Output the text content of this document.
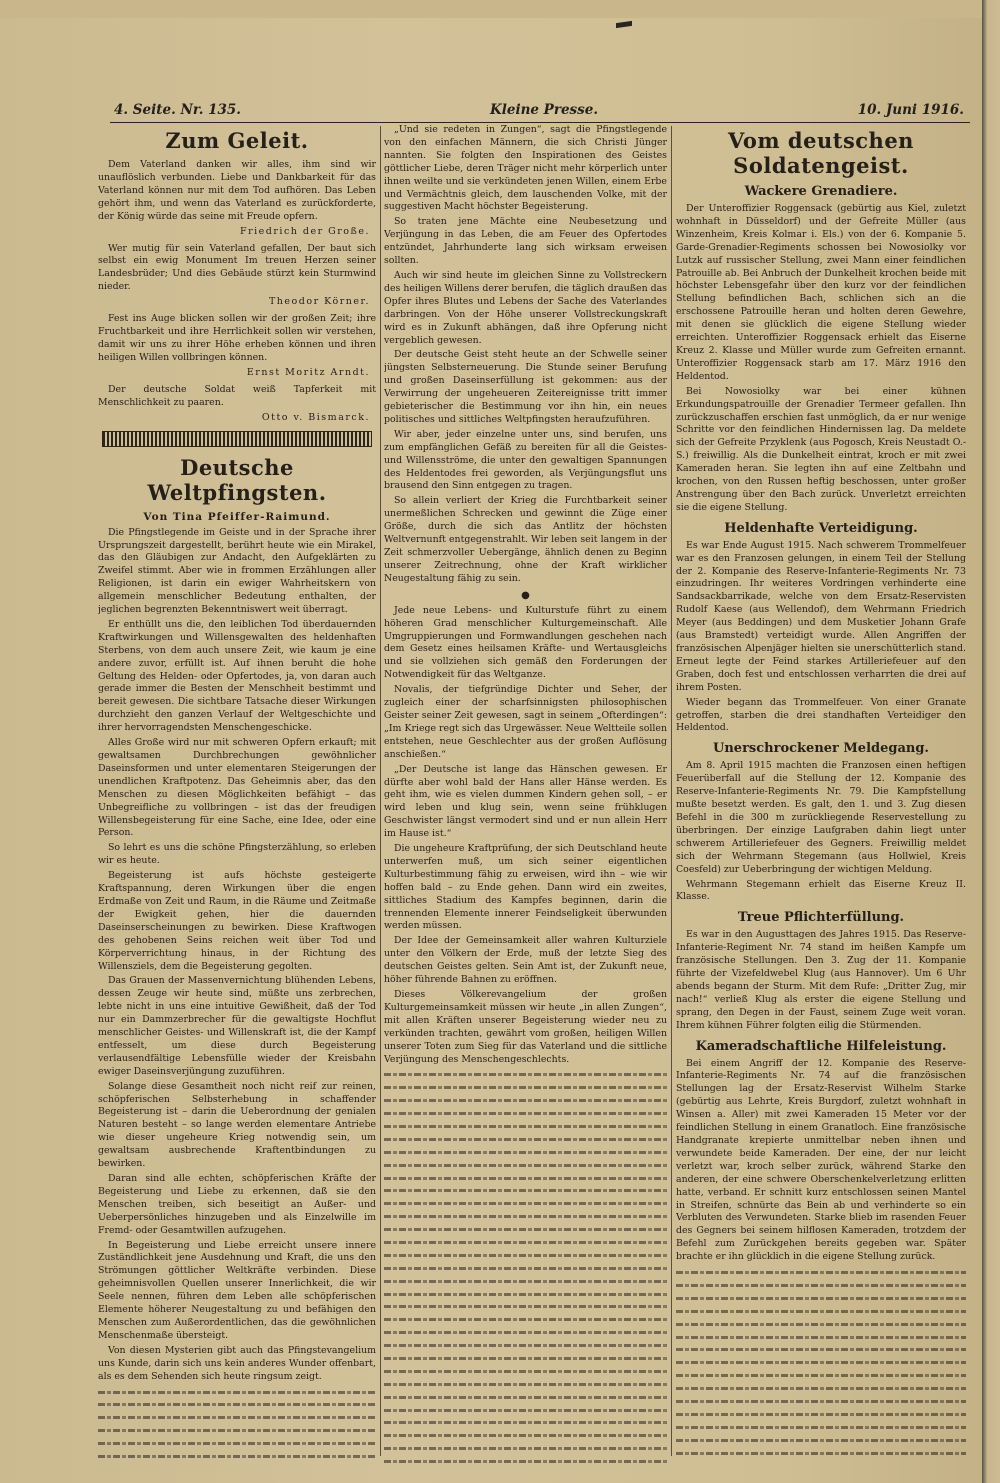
4. Seite. Nr. 135.	Kleine Presse.	10. Juni 1916.
Zum Geleit.

Dem Vaterland danken wir alles, ihm sind wir unauflöslich verbunden. Liebe und Dankbarkeit für das Vaterland können nur mit dem Tod aufhören. Das Leben gehört ihm, und wenn das Vaterland es zurückforderte, der König würde das seine mit Freude opfern.

Friedrich der Große.

Wer mutig für sein Vaterland gefallen, Der baut sich selbst ein ewig Monument Im treuen Herzen seiner Landesbrüder; Und dies Gebäude stürzt kein Sturmwind nieder.

Theodor Körner.

Fest ins Auge blicken sollen wir der großen Zeit; ihre Fruchtbarkeit und ihre Herrlichkeit sollen wir verstehen, damit wir uns zu ihrer Höhe erheben können und ihren heiligen Willen vollbringen können.

Ernst Moritz Arndt.

Der deutsche Soldat weiß Tapferkeit mit Menschlichkeit zu paaren.

Otto v. Bismarck.
Deutsche Weltpfingsten.
Von Tina Pfeiffer-Raimund.

Die Pfingstlegende im Geiste und in der Sprache ihrer Ursprungszeit dargestellt, berührt heute wie ein Mirakel, das den Gläubigen zur Andacht, den Aufgeklärten zu Zweifel stimmt. Aber wie in frommen Erzählungen aller Religionen, ist darin ein ewiger Wahrheitskern von allgemein menschlicher Bedeutung enthalten, der jeglichen begrenzten Bekenntniswert weit überragt.

Er enthüllt uns die, den leiblichen Tod überdauernden Kraftwirkungen und Willensgewalten des heldenhaften Sterbens, von dem auch unsere Zeit, wie kaum je eine andere zuvor, erfüllt ist. Auf ihnen beruht die hohe Geltung des Helden- oder Opfertodes, ja, von daran auch gerade immer die Besten der Menschheit bestimmt und bereit gewesen. Die sichtbare Tatsache dieser Wirkungen durchzieht den ganzen Verlauf der Weltgeschichte und ihrer hervorragendsten Menschengeschicke.

Alles Große wird nur mit schweren Opfern erkauft; mit gewaltsamen Durchbrechungen gewöhnlicher Daseinsformen und unter elementaren Steigerungen der unendlichen Kraftpotenz. Das Geheimnis aber, das den Menschen zu diesen Möglichkeiten befähigt – das Unbegreifliche zu vollbringen – ist das der freudigen Willensbegeisterung für eine Sache, eine Idee, oder eine Person.

So lehrt es uns die schöne Pfingsterzählung, so erleben wir es heute.

Begeisterung ist aufs höchste gesteigerte Kraftspannung, deren Wirkungen über die engen Erdmaße von Zeit und Raum, in die Räume und Zeitmaße der Ewigkeit gehen, hier die dauernden Daseinserscheinungen zu bewirken. Diese Kraftwogen des gehobenen Seins reichen weit über Tod und Körperverrichtung hinaus, in der Richtung des Willensziels, dem die Begeisterung gegolten.

Das Grauen der Massenvernichtung blühenden Lebens, dessen Zeuge wir heute sind, müßte uns zerbrechen, lebte nicht in uns eine intuitive Gewißheit, daß der Tod nur ein Dammzerbrecher für die gewaltigste Hochflut menschlicher Geistes- und Willenskraft ist, die der Kampf entfesselt, um diese durch Begeisterung verlausendfältige Lebensfülle wieder der Kreisbahn ewiger Daseinsverjüngung zuzuführen.

Solange diese Gesamtheit noch nicht reif zur reinen, schöpferischen Selbsterhebung in schaffender Begeisterung ist – darin die Ueberordnung der genialen Naturen besteht – so lange werden elementare Antriebe wie dieser ungeheure Krieg notwendig sein, um gewaltsam ausbrechende Kraftentbindungen zu bewirken.

Daran sind alle echten, schöpferischen Kräfte der Begeisterung und Liebe zu erkennen, daß sie den Menschen treiben, sich beseitigt an Außer- und Ueberpersönliches hinzugeben und als Einzelwille im Fremd- oder Gesamtwillen aufzugehen.

In Begeisterung und Liebe erreicht unsere innere Zuständlichkeit jene Ausdehnung und Kraft, die uns den Strömungen göttlicher Weltkräfte verbinden. Diese geheimnisvollen Quellen unserer Innerlichkeit, die wir Seele nennen, führen dem Leben alle schöpferischen Elemente höherer Neugestaltung zu und befähigen den Menschen zum Außerordentlichen, das die gewöhnlichen Menschenmaße übersteigt.

Von diesen Mysterien gibt auch das Pfingstevangelium uns Kunde, darin sich uns kein anderes Wunder offenbart, als es dem Sehenden sich heute ringsum zeigt.

„Und sie redeten in Zungen“, sagt die Pfingstlegende von den einfachen Männern, die sich Christi Jünger nannten. Sie folgten den Inspirationen des Geistes göttlicher Liebe, deren Träger nicht mehr körperlich unter ihnen weilte und sie verkündeten jenen Willen, einem Erbe und Vermächtnis gleich, dem lauschenden Volke, mit der suggestiven Macht höchster Begeisterung.

So traten jene Mächte eine Neubesetzung und Verjüngung in das Leben, die am Feuer des Opfertodes entzündet, Jahrhunderte lang sich wirksam erweisen sollten.

Auch wir sind heute im gleichen Sinne zu Vollstreckern des heiligen Willens derer berufen, die täglich draußen das Opfer ihres Blutes und Lebens der Sache des Vaterlandes darbringen. Von der Höhe unserer Vollstreckungskraft wird es in Zukunft abhängen, daß ihre Opferung nicht vergeblich gewesen.

Der deutsche Geist steht heute an der Schwelle seiner jüngsten Selbsterneuerung. Die Stunde seiner Berufung und großen Daseinserfüllung ist gekommen: aus der Verwirrung der ungeheueren Zeitereignisse tritt immer gebieterischer die Bestimmung vor ihn hin, ein neues politisches und sittliches Weltpfingsten heraufzuführen.

Wir aber, jeder einzelne unter uns, sind berufen, uns zum empfänglichen Gefäß zu bereiten für all die Geistes- und Willensströme, die unter den gewaltigen Spannungen des Heldentodes frei geworden, als Verjüngungsflut uns brausend den Sinn entgegen zu tragen.

So allein verliert der Krieg die Furchtbarkeit seiner unermeßlichen Schrecken und gewinnt die Züge einer Größe, durch die sich das Antlitz der höchsten Weltvernunft entgegenstrahlt. Wir leben seit langem in der Zeit schmerzvoller Uebergänge, ähnlich denen zu Beginn unserer Zeitrechnung, ohne der Kraft wirklicher Neugestaltung fähig zu sein.

●

Jede neue Lebens- und Kulturstufe führt zu einem höheren Grad menschlicher Kulturgemeinschaft. Alle Umgruppierungen und Formwandlungen geschehen nach dem Gesetz eines heilsamen Kräfte- und Wertausgleichs und sie vollziehen sich gemäß den Forderungen der Notwendigkeit für das Weltganze.

Novalis, der tiefgründige Dichter und Seher, der zugleich einer der scharfsinnigsten philosophischen Geister seiner Zeit gewesen, sagt in seinem „Ofterdingen“: „Im Kriege regt sich das Urgewässer. Neue Weltteile sollen entstehen, neue Geschlechter aus der großen Auflösung anschießen.“

„Der Deutsche ist lange das Hänschen gewesen. Er dürfte aber wohl bald der Hans aller Hänse werden. Es geht ihm, wie es vielen dummen Kindern gehen soll, – er wird leben und klug sein, wenn seine frühklugen Geschwister längst vermodert sind und er nun allein Herr im Hause ist.“

Die ungeheure Kraftprüfung, der sich Deutschland heute unterwerfen muß, um sich seiner eigentlichen Kulturbestimmung fähig zu erweisen, wird ihn – wie wir hoffen bald – zu Ende gehen. Dann wird ein zweites, sittliches Stadium des Kampfes beginnen, darin die trennenden Elemente innerer Feindseligkeit überwunden werden müssen.

Der Idee der Gemeinsamkeit aller wahren Kulturziele unter den Völkern der Erde, muß der letzte Sieg des deutschen Geistes gelten. Sein Amt ist, der Zukunft neue, höher führende Bahnen zu eröffnen.

Dieses Völkerevangelium der großen Kulturgemeinsamkeit müssen wir heute „in allen Zungen“, mit allen Kräften unserer Begeisterung wieder neu zu verkünden trachten, gewährt vom großen, heiligen Willen unserer Toten zum Sieg für das Vaterland und die sittliche Verjüngung des Menschengeschlechts.

Vom deutschen Soldatengeist.
Wackere Grenadiere.

Der Unteroffizier Roggensack (gebürtig aus Kiel, zuletzt wohnhaft in Düsseldorf) und der Gefreite Müller (aus Winzenheim, Kreis Kolmar i. Els.) von der 6. Kompanie 5. Garde-Grenadier-Regiments schossen bei Nowosiolky vor Lutzk auf russischer Stellung, zwei Mann einer feindlichen Patrouille ab. Bei Anbruch der Dunkelheit krochen beide mit höchster Lebensgefahr über den kurz vor der feindlichen Stellung befindlichen Bach, schlichen sich an die erschossene Patrouille heran und holten deren Gewehre, mit denen sie glücklich die eigene Stellung wieder erreichten. Unteroffizier Roggensack erhielt das Eiserne Kreuz 2. Klasse und Müller wurde zum Gefreiten ernannt. Unteroffizier Roggensack starb am 17. März 1916 den Heldentod.

Bei Nowosiolky war bei einer kühnen Erkundungspatrouille der Grenadier Termeer gefallen. Ihn zurückzuschaffen erschien fast unmöglich, da er nur wenige Schritte vor den feindlichen Hindernissen lag. Da meldete sich der Gefreite Przyklenk (aus Pogosch, Kreis Neustadt O.-S.) freiwillig. Als die Dunkelheit eintrat, kroch er mit zwei Kameraden heran. Sie legten ihn auf eine Zeltbahn und krochen, von den Russen heftig beschossen, unter großer Anstrengung über den Bach zurück. Unverletzt erreichten sie die eigene Stellung.

Heldenhafte Verteidigung.

Es war Ende August 1915. Nach schwerem Trommelfeuer war es den Franzosen gelungen, in einem Teil der Stellung der 2. Kompanie des Reserve-Infanterie-Regiments Nr. 73 einzudringen. Ihr weiteres Vordringen verhinderte eine Sandsackbarrikade, welche von dem Ersatz-Reservisten Rudolf Kaese (aus Wellendof), dem Wehrmann Friedrich Meyer (aus Beddingen) und dem Musketier Johann Grafe (aus Bramstedt) verteidigt wurde. Allen Angriffen der französischen Alpenjäger hielten sie unerschütterlich stand. Erneut legte der Feind starkes Artilleriefeuer auf den Graben, doch fest und entschlossen verharrten die drei auf ihrem Posten.

Wieder begann das Trommelfeuer. Von einer Granate getroffen, starben die drei standhaften Verteidiger den Heldentod.

Unerschrockener Meldegang.

Am 8. April 1915 machten die Franzosen einen heftigen Feuerüberfall auf die Stellung der 12. Kompanie des Reserve-Infanterie-Regiments Nr. 79. Die Kampfstellung mußte besetzt werden. Es galt, den 1. und 3. Zug diesen Befehl in die 300 m zurückliegende Reservestellung zu überbringen. Der einzige Laufgraben dahin liegt unter schwerem Artilleriefeuer des Gegners. Freiwillig meldet sich der Wehrmann Stegemann (aus Hollwiel, Kreis Coesfeld) zur Ueberbringung der wichtigen Meldung.

Wehrmann Stegemann erhielt das Eiserne Kreuz II. Klasse.

Treue Pflichterfüllung.

Es war in den Augusttagen des Jahres 1915. Das Reserve-Infanterie-Regiment Nr. 74 stand im heißen Kampfe um französische Stellungen. Den 3. Zug der 11. Kompanie führte der Vizefeldwebel Klug (aus Hannover). Um 6 Uhr abends begann der Sturm. Mit dem Rufe: „Dritter Zug, mir nach!“ verließ Klug als erster die eigene Stellung und sprang, den Degen in der Faust, seinem Zuge weit voran. Ihrem kühnen Führer folgten eilig die Stürmenden.

Kameradschaftliche Hilfeleistung.

Bei einem Angriff der 12. Kompanie des Reserve-Infanterie-Regiments Nr. 74 auf die französischen Stellungen lag der Ersatz-Reservist Wilhelm Starke (gebürtig aus Lehrte, Kreis Burgdorf, zuletzt wohnhaft in Winsen a. Aller) mit zwei Kameraden 15 Meter vor der feindlichen Stellung in einem Granatloch. Eine französische Handgranate krepierte unmittelbar neben ihnen und verwundete beide Kameraden. Der eine, der nur leicht verletzt war, kroch selber zurück, während Starke den anderen, der eine schwere Oberschenkelverletzung erlitten hatte, verband. Er schnitt kurz entschlossen seinen Mantel in Streifen, schnürte das Bein ab und verhinderte so ein Verbluten des Verwundeten. Starke blieb im rasenden Feuer des Gegners bei seinem hilflosen Kameraden, trotzdem der Befehl zum Zurückgehen bereits gegeben war. Später brachte er ihn glücklich in die eigene Stellung zurück.
